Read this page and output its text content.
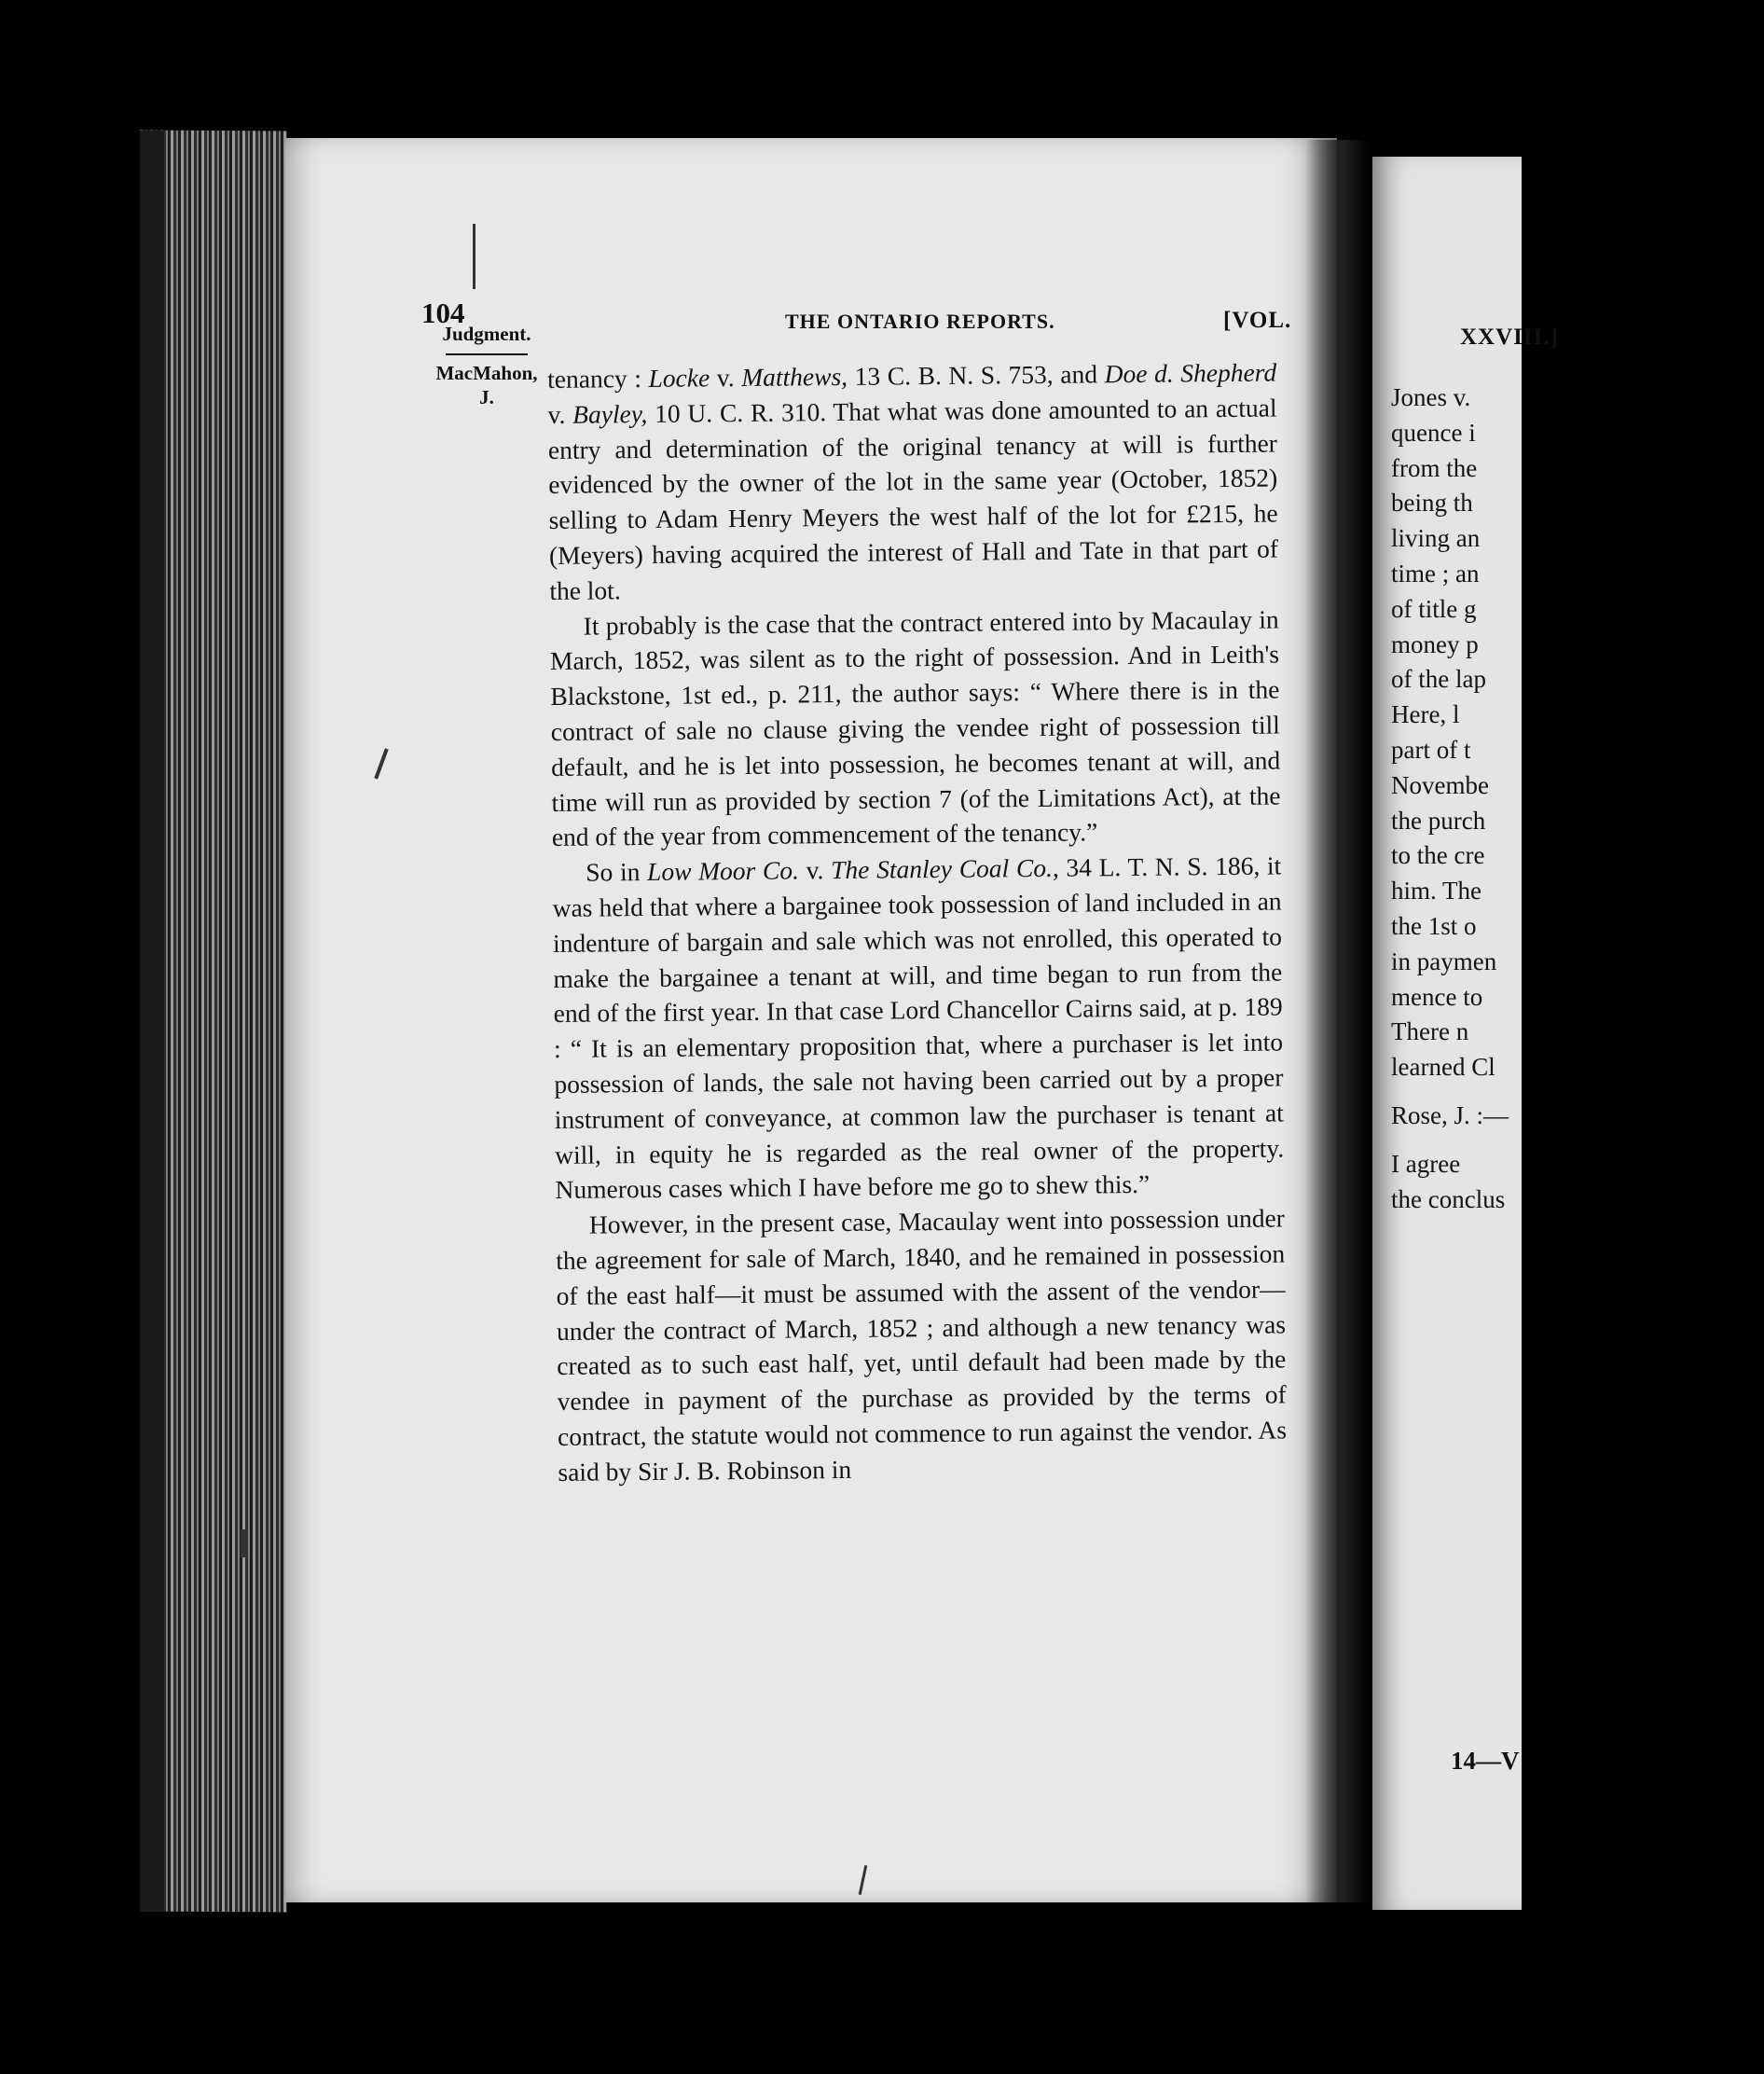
104	THE ONTARIO REPORTS.	[VOL.
Judgment.
MacMahon,
J.

tenancy : Locke v. Matthews, 13 C. B. N. S. 753, and Doe d. Shepherd v. Bayley, 10 U. C. R. 310. That what was done amounted to an actual entry and determination of the original tenancy at will is further evidenced by the owner of the lot in the same year (October, 1852) selling to Adam Henry Meyers the west half of the lot for £215, he (Meyers) having acquired the interest of Hall and Tate in that part of the lot.

It probably is the case that the contract entered into by Macaulay in March, 1852, was silent as to the right of possession. And in Leith's Blackstone, 1st ed., p. 211, the author says: “ Where there is in the contract of sale no clause giving the vendee right of possession till default, and he is let into possession, he becomes tenant at will, and time will run as provided by section 7 (of the Limitations Act), at the end of the year from commencement of the tenancy.”

So in Low Moor Co. v. The Stanley Coal Co., 34 L. T. N. S. 186, it was held that where a bargainee took possession of land included in an indenture of bargain and sale which was not enrolled, this operated to make the bargainee a tenant at will, and time began to run from the end of the first year. In that case Lord Chancellor Cairns said, at p. 189 : “ It is an elementary proposition that, where a purchaser is let into possession of lands, the sale not having been carried out by a proper instrument of conveyance, at common law the purchaser is tenant at will, in equity he is regarded as the real owner of the property. Numerous cases which I have before me go to shew this.”

However, in the present case, Macaulay went into possession under the agreement for sale of March, 1840, and he remained in possession of the east half—it must be assumed with the assent of the vendor—under the contract of March, 1852 ; and although a new tenancy was created as to such east half, yet, until default had been made by the vendee in payment of the purchase as provided by the terms of contract, the statute would not commence to run against the vendor. As said by Sir J. B. Robinson in

XXVIII.]
Jones v.
quence i
from the
being th
living an
time ; an
of title g
money p
of the lap
Here, l
part of t
Novembe
the purch
to the cre
him. The
the 1st o
in paymen
mence to
There n
learned Cl
Rose, J. :—
I agree
the conclus
14—V
